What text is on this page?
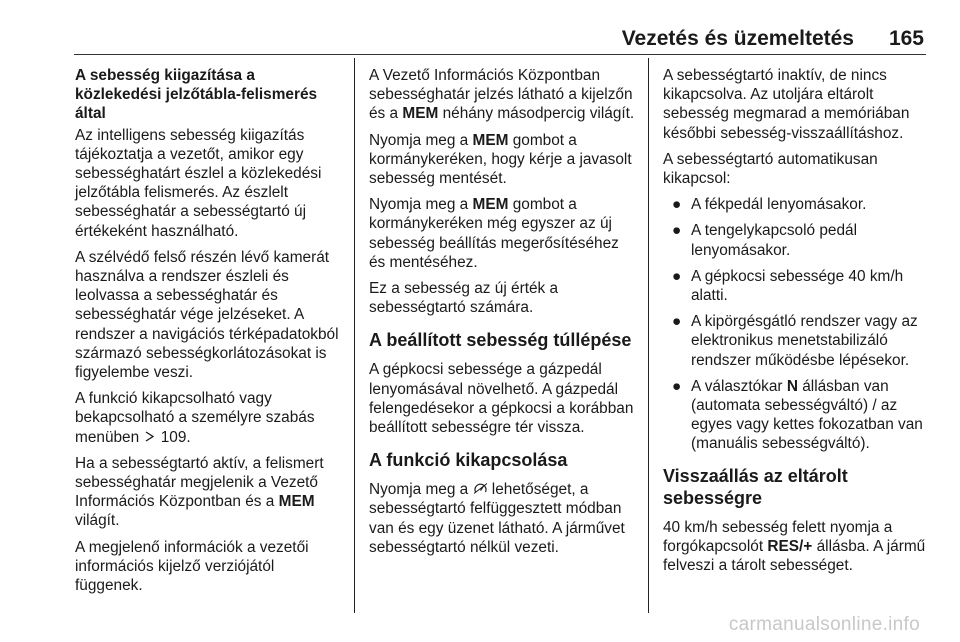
Vezetés és üzemeltetés 165
A sebesség kiigazítása a közlekedési jelzőtábla-felismerés által
Az intelligens sebesség kiigazítás tájékoztatja a vezetőt, amikor egy sebességhatárt észlel a közlekedési jelzőtábla felismerés. Az észlelt sebességhatár a sebességtartó új értékeként használható.
A szélvédő felső részén lévő kamerát használva a rendszer észleli és leolvassa a sebességhatár és sebességhatár vége jelzéseket. A rendszer a navigációs térképadatokból származó sebességkorlátozásokat is figyelembe veszi.
A funkció kikapcsolható vagy bekapcsolható a személyre szabás menüben  109.
Ha a sebességtartó aktív, a felismert sebességhatár megjelenik a Vezető Információs Központban és a MEM világít.
A megjelenő információk a vezetői információs kijelző verziójától függenek.
A Vezető Információs Központban sebességhatár jelzés látható a kijelzőn és a MEM néhány másodpercig világít.
Nyomja meg a MEM gombot a kormánykeréken, hogy kérje a javasolt sebesség mentését.
Nyomja meg a MEM gombot a kormánykeréken még egyszer az új sebesség beállítás megerősítéséhez és mentéséhez.
Ez a sebesség az új érték a sebességtartó számára.
A beállított sebesség túllépése
A gépkocsi sebessége a gázpedál lenyomásával növelhető. A gázpedál felengedésekor a gépkocsi a korábban beállított sebességre tér vissza.
A funkció kikapcsolása
Nyomja meg a  lehetőséget, a sebességtartó felfüggesztett módban van és egy üzenet látható. A járművet sebességtartó nélkül vezeti.
A sebességtartó inaktív, de nincs kikapcsolva. Az utoljára eltárolt sebesség megmarad a memóriában későbbi sebesség-visszaállításhoz.
A sebességtartó automatikusan kikapcsol:
● A fékpedál lenyomásakor.
● A tengelykapcsoló pedál lenyomásakor.
● A gépkocsi sebessége 40 km/h alatti.
● A kipörgésgátló rendszer vagy az elektronikus menetstabilizáló rendszer működésbe lépésekor.
● A választókar N állásban van (automata sebességváltó) / az egyes vagy kettes fokozatban van (manuális sebességváltó).
Visszaállás az eltárolt sebességre
40 km/h sebesség felett nyomja a forgókapcsolót RES/+ állásba. A jármű felveszi a tárolt sebességet.
carmanualsonline.info
